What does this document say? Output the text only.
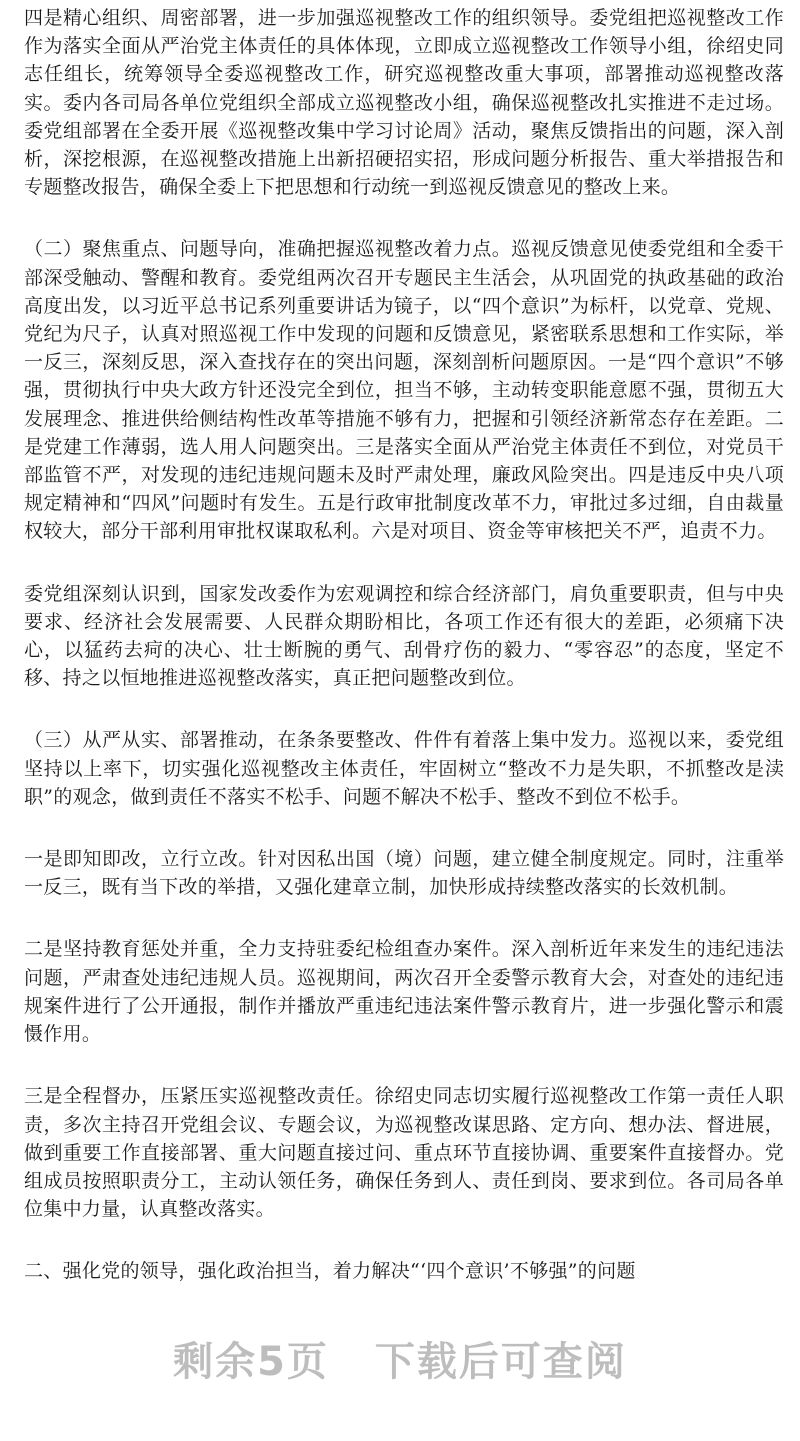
四是精心组织、周密部署，进一步加强巡视整改工作的组织领导。委党组把巡视整改工作作为落实全面从严治党主体责任的具体体现，立即成立巡视整改工作领导小组，徐绍史同志任组长，统筹领导全委巡视整改工作，研究巡视整改重大事项，部署推动巡视整改落实。委内各司局各单位党组织全部成立巡视整改小组，确保巡视整改扎实推进不走过场。委党组部署在全委开展《巡视整改集中学习讨论周》活动，聚焦反馈指出的问题，深入剖析，深挖根源，在巡视整改措施上出新招硬招实招，形成问题分析报告、重大举措报告和专题整改报告，确保全委上下把思想和行动统一到巡视反馈意见的整改上来。

（二）聚焦重点、问题导向，准确把握巡视整改着力点。巡视反馈意见使委党组和全委干部深受触动、警醒和教育。委党组两次召开专题民主生活会，从巩固党的执政基础的政治高度出发，以习近平总书记系列重要讲话为镜子，以“四个意识”为标杆，以党章、党规、党纪为尺子，认真对照巡视工作中发现的问题和反馈意见，紧密联系思想和工作实际，举一反三，深刻反思，深入查找存在的突出问题，深刻剖析问题原因。一是“四个意识”不够强，贯彻执行中央大政方针还没完全到位，担当不够，主动转变职能意愿不强，贯彻五大发展理念、推进供给侧结构性改革等措施不够有力，把握和引领经济新常态存在差距。二是党建工作薄弱，选人用人问题突出。三是落实全面从严治党主体责任不到位，对党员干部监管不严，对发现的违纪违规问题未及时严肃处理，廉政风险突出。四是违反中央八项规定精神和“四风”问题时有发生。五是行政审批制度改革不力，审批过多过细，自由裁量权较大，部分干部利用审批权谋取私利。六是对项目、资金等审核把关不严，追责不力。

委党组深刻认识到，国家发改委作为宏观调控和综合经济部门，肩负重要职责，但与中央要求、经济社会发展需要、人民群众期盼相比，各项工作还有很大的差距，必须痛下决心，以猛药去疴的决心、壮士断腕的勇气、刮骨疗伤的毅力、“零容忍”的态度，坚定不移、持之以恒地推进巡视整改落实，真正把问题整改到位。

（三）从严从实、部署推动，在条条要整改、件件有着落上集中发力。巡视以来，委党组坚持以上率下，切实强化巡视整改主体责任，牢固树立“整改不力是失职，不抓整改是渎职”的观念，做到责任不落实不松手、问题不解决不松手、整改不到位不松手。

一是即知即改，立行立改。针对因私出国（境）问题，建立健全制度规定。同时，注重举一反三，既有当下改的举措，又强化建章立制，加快形成持续整改落实的长效机制。

二是坚持教育惩处并重，全力支持驻委纪检组查办案件。深入剖析近年来发生的违纪违法问题，严肃查处违纪违规人员。巡视期间，两次召开全委警示教育大会，对查处的违纪违规案件进行了公开通报，制作并播放严重违纪违法案件警示教育片，进一步强化警示和震慑作用。

三是全程督办，压紧压实巡视整改责任。徐绍史同志切实履行巡视整改工作第一责任人职责，多次主持召开党组会议、专题会议，为巡视整改谋思路、定方向、想办法、督进展，做到重要工作直接部署、重大问题直接过问、重点环节直接协调、重要案件直接督办。党组成员按照职责分工，主动认领任务，确保任务到人、责任到岗、要求到位。各司局各单位集中力量，认真整改落实。

二、强化党的领导，强化政治担当，着力解决“‘四个意识’不够强”的问题

剩余5页 下载后可查阅
